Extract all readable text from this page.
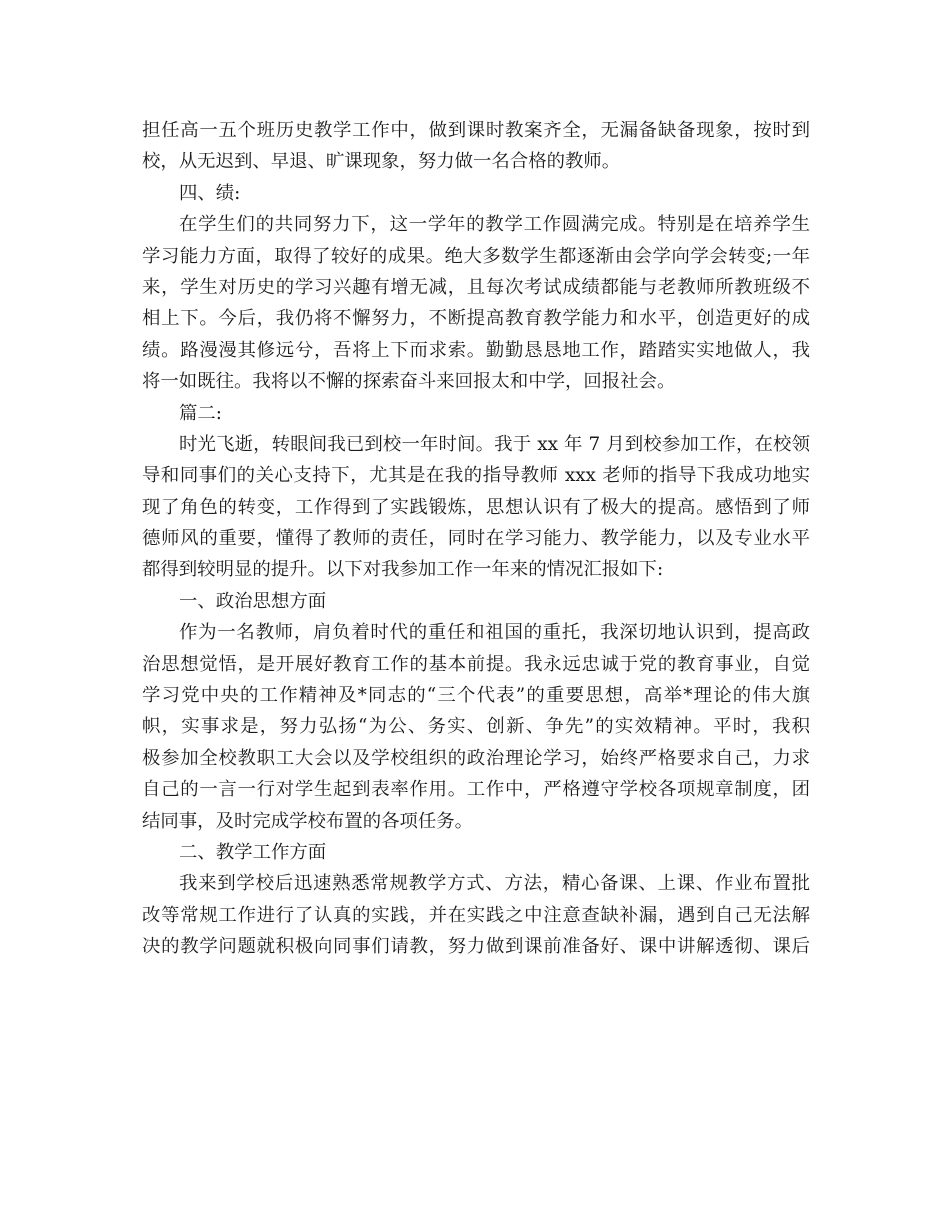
担任高一五个班历史教学工作中，做到课时教案齐全，无漏备缺备现象，按时到
校，从无迟到、早退、旷课现象，努力做一名合格的教师。
四、绩:
在学生们的共同努力下，这一学年的教学工作圆满完成。特别是在培养学生
学习能力方面，取得了较好的成果。绝大多数学生都逐渐由会学向学会转变;一年
来，学生对历史的学习兴趣有增无减，且每次考试成绩都能与老教师所教班级不
相上下。今后，我仍将不懈努力，不断提高教育教学能力和水平，创造更好的成
绩。路漫漫其修远兮，吾将上下而求索。勤勤恳恳地工作，踏踏实实地做人，我
将一如既往。我将以不懈的探索奋斗来回报太和中学，回报社会。
篇二:
时光飞逝，转眼间我已到校一年时间。我于 xx 年 7 月到校参加工作，在校领
导和同事们的关心支持下，尤其是在我的指导教师 xxx 老师的指导下我成功地实
现了角色的转变，工作得到了实践锻炼，思想认识有了极大的提高。感悟到了师
德师风的重要，懂得了教师的责任，同时在学习能力、教学能力，以及专业水平
都得到较明显的提升。以下对我参加工作一年来的情况汇报如下:
一、政治思想方面
作为一名教师，肩负着时代的重任和祖国的重托，我深切地认识到，提高政
治思想觉悟，是开展好教育工作的基本前提。我永远忠诚于党的教育事业，自觉
学习党中央的工作精神及*同志的“三个代表”的重要思想，高举*理论的伟大旗
帜，实事求是，努力弘扬“为公、务实、创新、争先”的实效精神。平时，我积
极参加全校教职工大会以及学校组织的政治理论学习，始终严格要求自己，力求
自己的一言一行对学生起到表率作用。工作中，严格遵守学校各项规章制度，团
结同事，及时完成学校布置的各项任务。
二、教学工作方面
我来到学校后迅速熟悉常规教学方式、方法，精心备课、上课、作业布置批
改等常规工作进行了认真的实践，并在实践之中注意查缺补漏，遇到自己无法解
决的教学问题就积极向同事们请教，努力做到课前准备好、课中讲解透彻、课后
